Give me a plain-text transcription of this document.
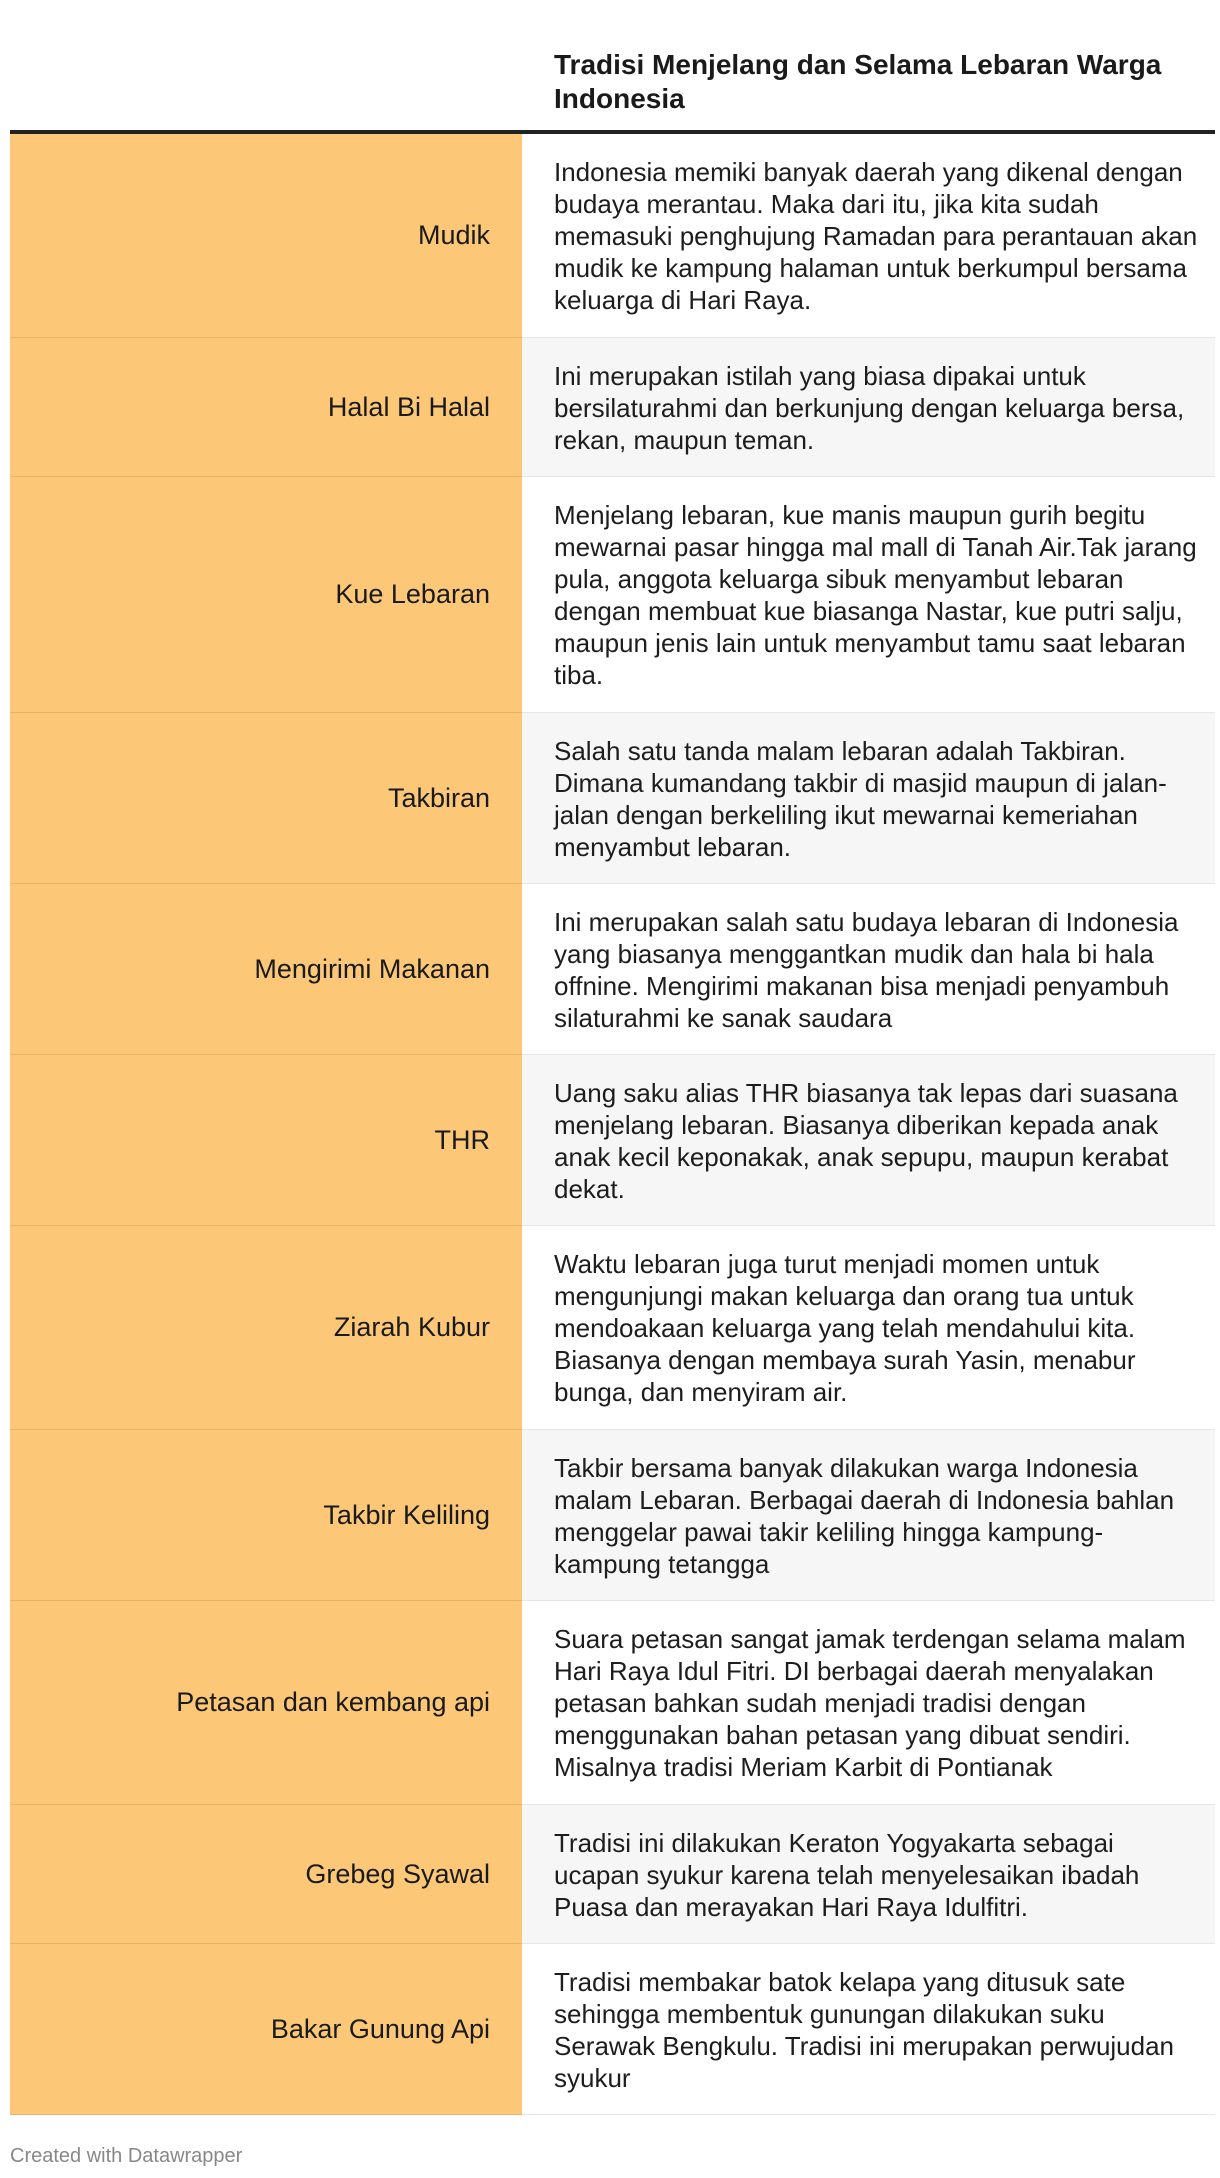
Tradisi Menjelang dan Selama Lebaran Warga Indonesia
Mudik
Indonesia memiki banyak daerah yang dikenal dengan budaya merantau. Maka dari itu, jika kita sudah memasuki penghujung Ramadan para perantauan akan mudik ke kampung halaman untuk berkumpul bersama keluarga di Hari Raya.
Halal Bi Halal
Ini merupakan istilah yang biasa dipakai untuk bersilaturahmi dan berkunjung dengan keluarga bersa, rekan, maupun teman.
Kue Lebaran
Menjelang lebaran, kue manis maupun gurih begitu mewarnai pasar hingga mal mall di Tanah Air.Tak jarang pula, anggota keluarga sibuk menyambut lebaran dengan membuat kue biasanga Nastar, kue putri salju, maupun jenis lain untuk menyambut tamu saat lebaran tiba.
Takbiran
Salah satu tanda malam lebaran adalah Takbiran. Dimana kumandang takbir di masjid maupun di jalan-jalan dengan berkeliling ikut mewarnai kemeriahan menyambut lebaran.
Mengirimi Makanan
Ini merupakan salah satu budaya lebaran di Indonesia yang biasanya menggantkan mudik dan hala bi hala offnine. Mengirimi makanan bisa menjadi penyambuh silaturahmi ke sanak saudara
THR
Uang saku alias THR biasanya tak lepas dari suasana menjelang lebaran. Biasanya diberikan kepada anak anak kecil keponakak, anak sepupu, maupun kerabat dekat.
Ziarah Kubur
Waktu lebaran juga turut menjadi momen untuk mengunjungi makan keluarga dan orang tua untuk mendoakaan keluarga yang telah mendahului kita. Biasanya dengan membaya surah Yasin, menabur bunga, dan menyiram air.
Takbir Keliling
Takbir bersama banyak dilakukan warga Indonesia malam Lebaran. Berbagai daerah di Indonesia bahlan menggelar pawai takir keliling hingga kampung-kampung tetangga
Petasan dan kembang api
Suara petasan sangat jamak terdengan selama malam Hari Raya Idul Fitri. DI berbagai daerah menyalakan petasan bahkan sudah menjadi tradisi dengan menggunakan bahan petasan yang dibuat sendiri. Misalnya tradisi Meriam Karbit di Pontianak
Grebeg Syawal
Tradisi ini dilakukan Keraton Yogyakarta sebagai ucapan syukur karena telah menyelesaikan ibadah Puasa dan merayakan Hari Raya Idulfitri.
Bakar Gunung Api
Tradisi membakar batok kelapa yang ditusuk sate sehingga membentuk gunungan dilakukan suku Serawak Bengkulu. Tradisi ini merupakan perwujudan syukur
Created with Datawrapper
